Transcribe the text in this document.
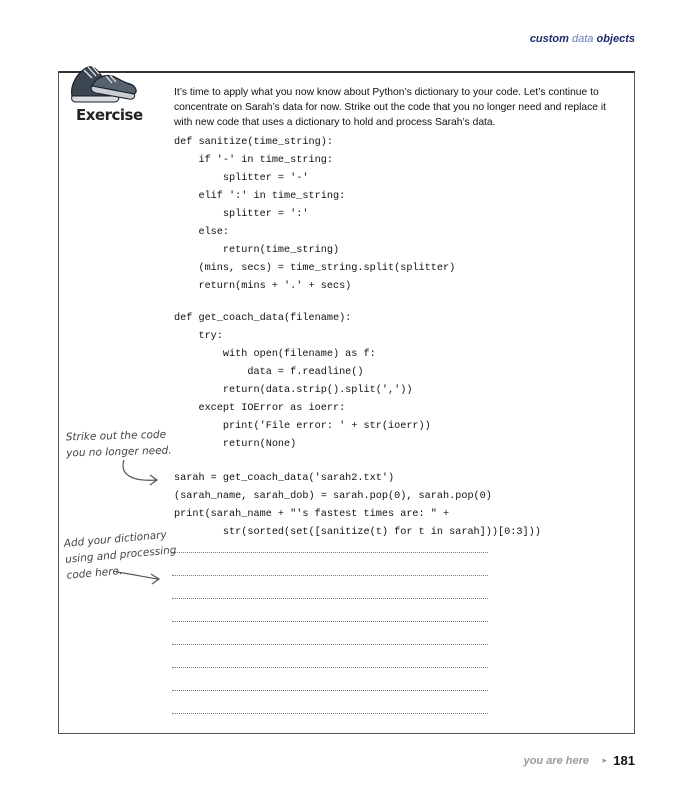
custom data objects
Exercise
It’s time to apply what you now know about Python’s dictionary to your code. Let’s continue to concentrate on Sarah’s data for now. Strike out the code that you no longer need and replace it with new code that uses a dictionary to hold and process Sarah’s data.
def sanitize(time_string):
if '-' in time_string:
splitter = '-'
elif ':' in time_string:
splitter = ':'
else:
return(time_string)
(mins, secs) = time_string.split(splitter)
return(mins + '.' + secs)
def get_coach_data(filename):
try:
with open(filename) as f:
data = f.readline()
return(data.strip().split(','))
except IOError as ioerr:
print('File error: ' + str(ioerr))
return(None)
sarah = get_coach_data('sarah2.txt')
(sarah_name, sarah_dob) = sarah.pop(0), sarah.pop(0)
print(sarah_name + "'s fastest times are: " +
str(sorted(set([sanitize(t) for t in sarah]))[0:3]))
Strike out the code
you no longer need.
Add your dictionary
using and processing
code here.
you are here ▸ 181
